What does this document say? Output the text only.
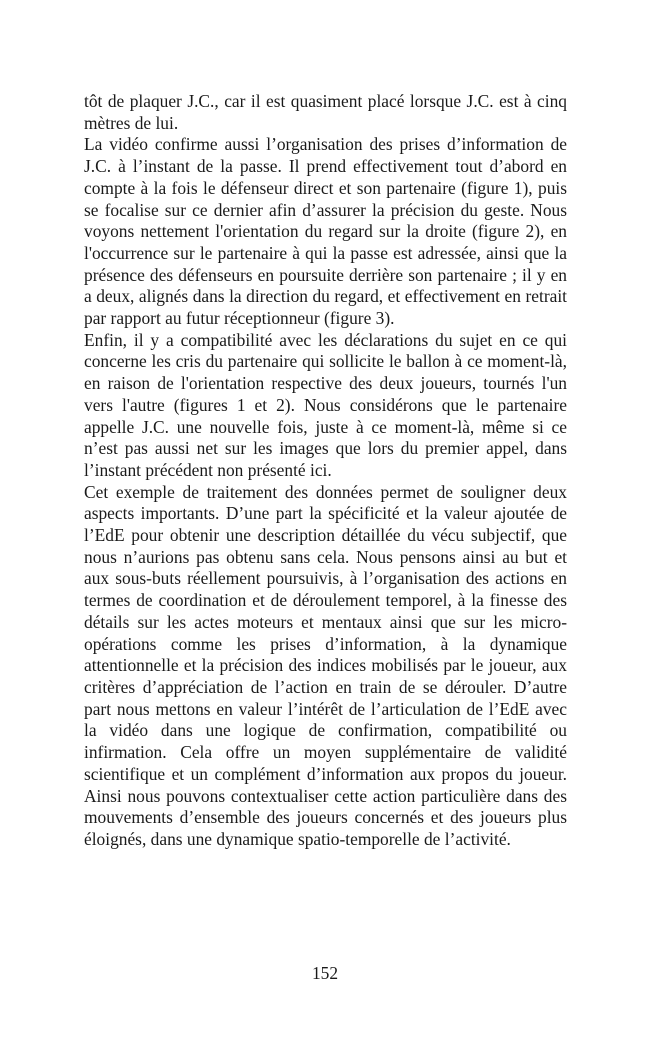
tôt de plaquer J.C., car il est quasiment placé lorsque J.C. est à cinq mètres de lui.

La vidéo confirme aussi l’organisation des prises d’information de J.C. à l’instant de la passe. Il prend effectivement tout d’abord en compte à la fois le défenseur direct et son partenaire (figure 1), puis se focalise sur ce dernier afin d’assurer la précision du geste. Nous voyons nettement l'orientation du regard sur la droite (figure 2), en l'occurrence sur le partenaire à qui la passe est adressée, ainsi que la présence des défenseurs en poursuite derrière son partenaire ; il y en a deux, alignés dans la direction du regard, et effectivement en retrait par rapport au futur réceptionneur (figure 3).

Enfin, il y a compatibilité avec les déclarations du sujet en ce qui concerne les cris du partenaire qui sollicite le ballon à ce moment-là, en raison de l'orientation respective des deux joueurs, tournés l'un vers l'autre (figures 1 et 2). Nous considérons que le partenaire appelle J.C. une nouvelle fois, juste à ce moment-là, même si ce n’est pas aussi net sur les images que lors du premier appel, dans l’instant précédent non présenté ici.

Cet exemple de traitement des données permet de souligner deux aspects importants. D’une part la spécificité et la valeur ajoutée de l’EdE pour obtenir une description détaillée du vécu subjectif, que nous n’aurions pas obtenu sans cela. Nous pensons ainsi au but et aux sous-buts réellement poursuivis, à l’organisation des actions en termes de coordination et de déroulement temporel, à la finesse des détails sur les actes moteurs et mentaux ainsi que sur les micro-opérations comme les prises d’information, à la dynamique attentionnelle et la précision des indices mobilisés par le joueur, aux critères d’appréciation de l’action en train de se dérouler. D’autre part nous mettons en valeur l’intérêt de l’articulation de l’EdE avec la vidéo dans une logique de confirmation, compatibilité ou infirmation. Cela offre un moyen supplémentaire de validité scientifique et un complément d’information aux propos du joueur. Ainsi nous pouvons contextualiser cette action particulière dans des mouvements d’ensemble des joueurs concernés et des joueurs plus éloignés, dans une dynamique spatio-temporelle de l’activité.

152
